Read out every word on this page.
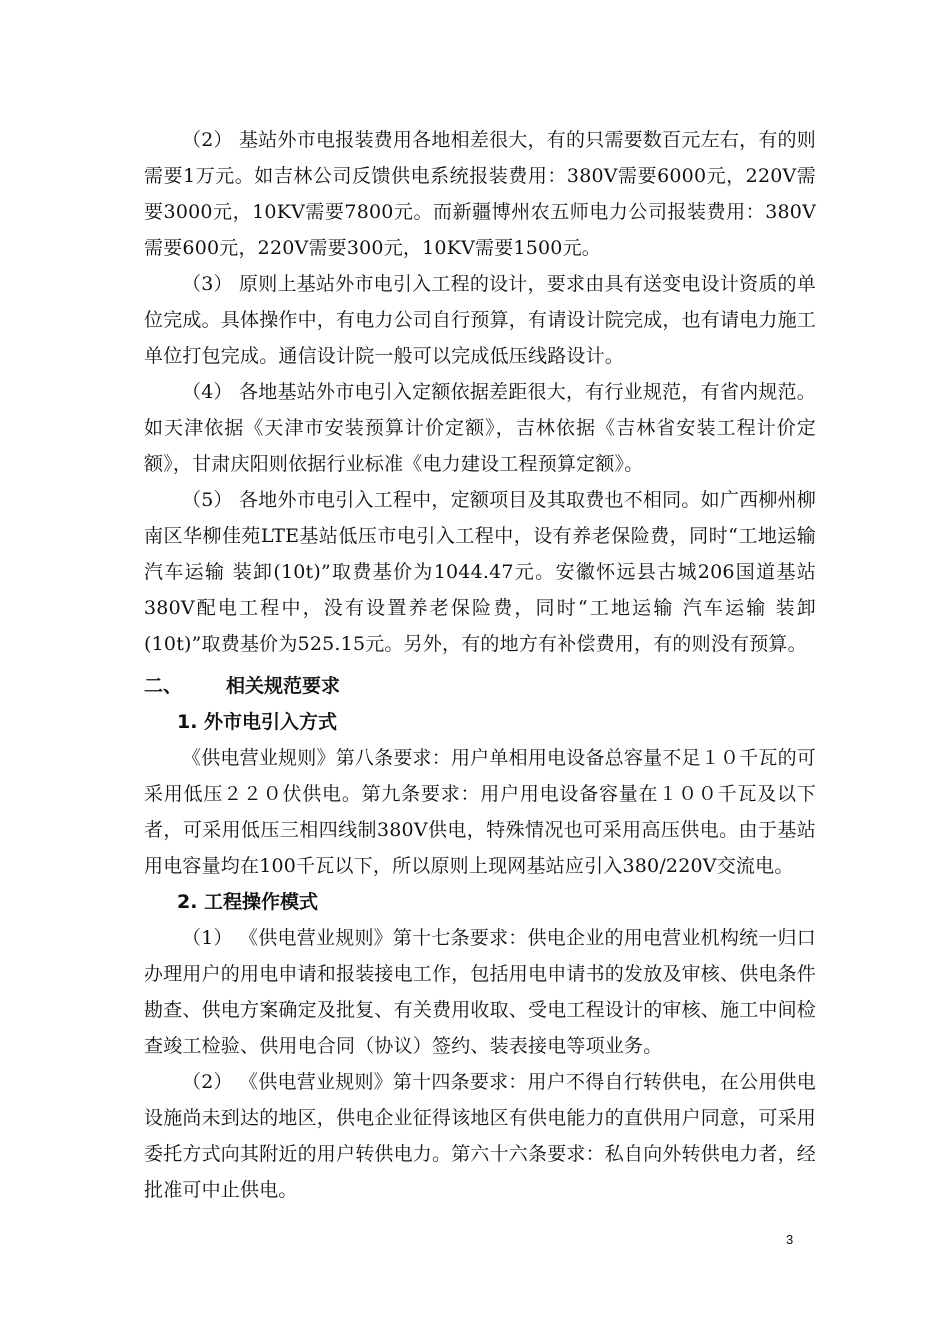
（2） 基站外市电报装费用各地相差很大，有的只需要数百元左右，有的则需要1万元。如吉林公司反馈供电系统报装费用：380V需要6000元，220V需要3000元，10KV需要7800元。而新疆博州农五师电力公司报装费用：380V需要600元，220V需要300元，10KV需要1500元。

（3） 原则上基站外市电引入工程的设计，要求由具有送变电设计资质的单位完成。具体操作中，有电力公司自行预算，有请设计院完成，也有请电力施工单位打包完成。通信设计院一般可以完成低压线路设计。

（4） 各地基站外市电引入定额依据差距很大，有行业规范，有省内规范。如天津依据《天津市安装预算计价定额》，吉林依据《吉林省安装工程计价定额》，甘肃庆阳则依据行业标准《电力建设工程预算定额》。

（5） 各地外市电引入工程中，定额项目及其取费也不相同。如广西柳州柳南区华柳佳苑LTE基站低压市电引入工程中，设有养老保险费，同时“工地运输 汽车运输 装卸(10t)”取费基价为1044.47元。安徽怀远县古城206国道基站380V配电工程中，没有设置养老保险费，同时“工地运输 汽车运输 装卸(10t)”取费基价为525.15元。另外，有的地方有补偿费用，有的则没有预算。

二、 相关规范要求
1. 外市电引入方式

《供电营业规则》第八条要求：用户单相用电设备总容量不足１０千瓦的可采用低压２２０伏供电。第九条要求：用户用电设备容量在１００千瓦及以下者，可采用低压三相四线制380V供电，特殊情况也可采用高压供电。由于基站用电容量均在100千瓦以下，所以原则上现网基站应引入380/220V交流电。

2. 工程操作模式

（1） 《供电营业规则》第十七条要求：供电企业的用电营业机构统一归口办理用户的用电申请和报装接电工作，包括用电申请书的发放及审核、供电条件勘查、供电方案确定及批复、有关费用收取、受电工程设计的审核、施工中间检查竣工检验、供用电合同（协议）签约、装表接电等项业务。

（2） 《供电营业规则》第十四条要求：用户不得自行转供电，在公用供电设施尚未到达的地区，供电企业征得该地区有供电能力的直供用户同意，可采用委托方式向其附近的用户转供电力。第六十六条要求：私自向外转供电力者，经批准可中止供电。

3
